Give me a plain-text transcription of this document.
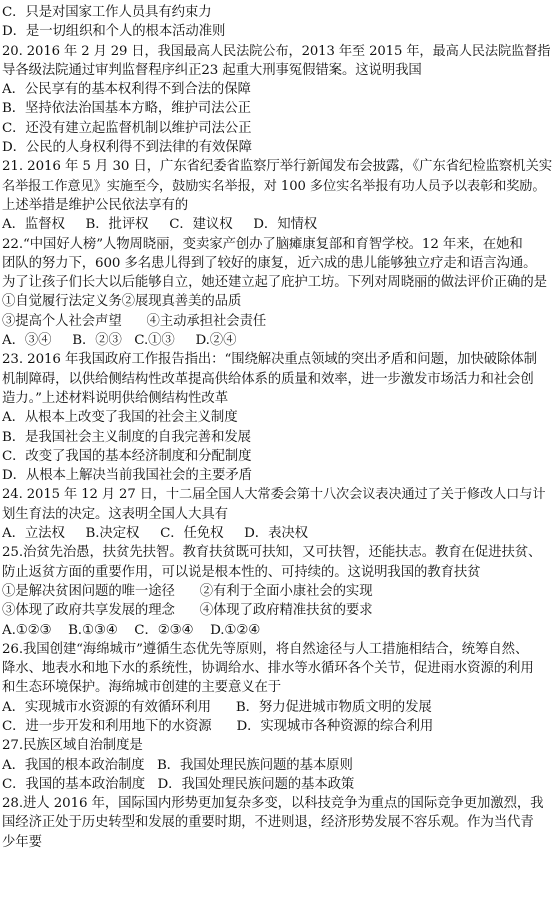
C．只是对国家工作人员具有约束力
D．是一切组织和个人的根本活动准则
20. 2016 年 2 月 29 日，我国最高人民法院公布，2013 年至 2015 年，最高人民法院监督指
导各级法院通过审判监督程序纠正23 起重大刑事冤假错案。这说明我国
A．公民享有的基本权利得不到合法的保障
B．坚持依法治国基本方略，维护司法公正
C．还没有建立起监督机制以维护司法公正
D．公民的人身权利得不到法律的有效保障
21. 2016 年 5 月 30 日，广东省纪委省监察厅举行新闻发布会披露，《广东省纪检监察机关实
名举报工作意见》实施至今，鼓励实名举报，对 100 多位实名举报有功人员予以表彰和奖励。
上述举措是维护公民依法享有的
A．监督权     B．批评权     C．建议权     D．知情权
22.“中国好人榜”人物周晓丽，变卖家产创办了脑瘫康复部和育智学校。12 年来，在她和
团队的努力下，600 多名患儿得到了较好的康复，近六成的患儿能够独立疗走和语言沟通。
为了让孩子们长大以后能够自立，她还建立起了庇护工坊。下列对周晓丽的做法评价正确的是
①自觉履行法定义务②展现真善美的品质
③提高个人社会声望      ④主动承担社会责任
A．③④     B．②③   C.①③     D.②④
23. 2016 年我国政府工作报告指出：“围绕解决重点领域的突出矛盾和问题，加快破除体制
机制障碍，以供给侧结构性改革提高供给体系的质量和效率，进一步激发市场活力和社会创
造力。”上述材料说明供给侧结构性改革
A．从根本上改变了我国的社会主义制度
B．是我国社会主义制度的自我完善和发展
C．改变了我国的基本经济制度和分配制度
D．从根本上解决当前我国社会的主要矛盾
24. 2015 年 12 月 27 日，十二届全国人大常委会第十八次会议表决通过了关于修改人口与计
划生育法的决定。这表明全国人大具有
A．立法权     B.决定权     C．任免权     D．表决权
25.治贫先治愚，扶贫先扶智。教育扶贫既可扶知，又可扶智，还能扶志。教育在促进扶贫、
防止返贫方面的重要作用，可以说是根本性的、可持续的。这说明我国的教育扶贫
①是解决贫困问题的唯一途径      ②有利于全面小康社会的实现
③体现了政府共享发展的理念      ④体现了政府精准扶贫的要求
A.①②③    B.①③④    C．②③④    D.①②④
26.我国创建“海绵城市”遵循生态优先等原则，将自然途径与人工措施相结合，统筹自然、
降水、地表水和地下水的系统性，协调给水、排水等水循环各个关节，促进雨水资源的利用
和生态环境保护。海绵城市创建的主要意义在于
A．实现城市水资源的有效循环利用      B．努力促进城市物质文明的发展
C．进一步开发和利用地下的水资源      D．实现城市各种资源的综合利用
27.民族区域自治制度是
A．我国的根本政治制度   B．我国处理民族问题的基本原则
C．我国的基本政治制度   D．我国处理民族问题的基本政策
28.进人 2016 年，国际国内形势更加复杂多变，以科技竞争为重点的国际竞争更加激烈，我
国经济正处于历史转型和发展的重要时期，不进则退，经济形势发展不容乐观。作为当代青
少年要
